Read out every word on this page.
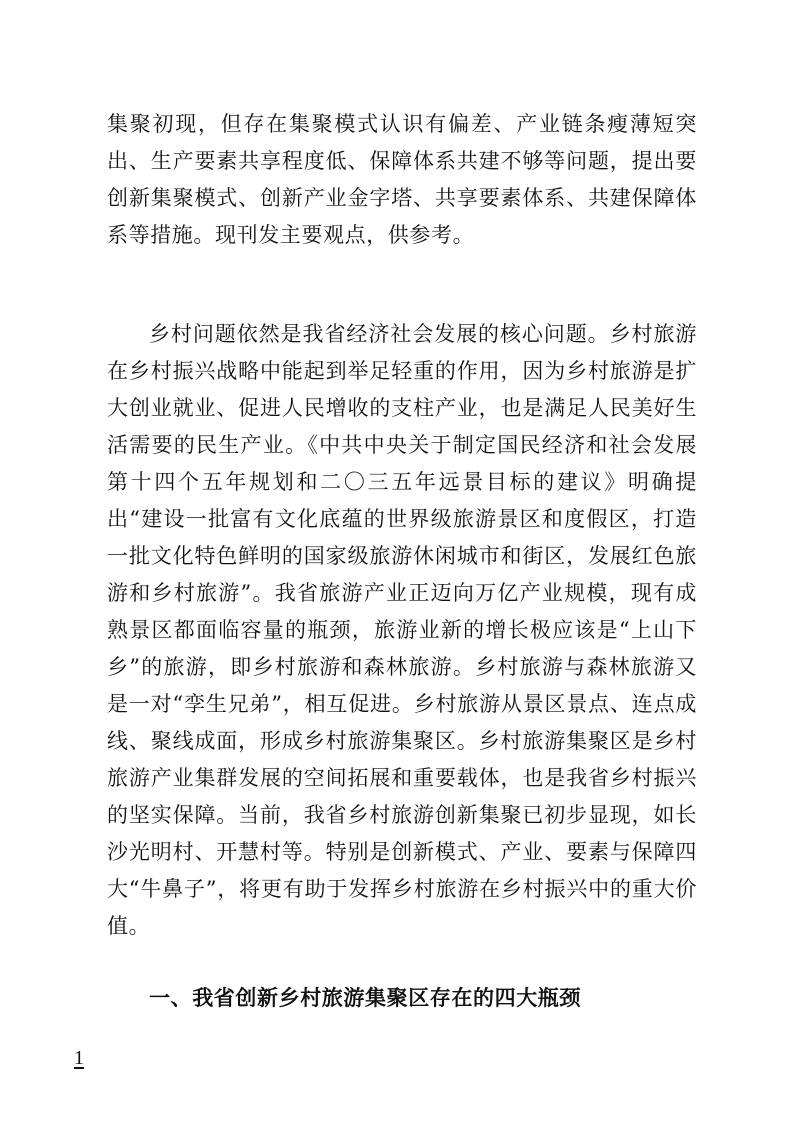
集聚初现，但存在集聚模式认识有偏差、产业链条瘦薄短突出、生产要素共享程度低、保障体系共建不够等问题，提出要创新集聚模式、创新产业金字塔、共享要素体系、共建保障体系等措施。现刊发主要观点，供参考。

乡村问题依然是我省经济社会发展的核心问题。乡村旅游在乡村振兴战略中能起到举足轻重的作用，因为乡村旅游是扩大创业就业、促进人民增收的支柱产业，也是满足人民美好生活需要的民生产业。《中共中央关于制定国民经济和社会发展第十四个五年规划和二〇三五年远景目标的建议》明确提出“建设一批富有文化底蕴的世界级旅游景区和度假区，打造一批文化特色鲜明的国家级旅游休闲城市和街区，发展红色旅游和乡村旅游”。我省旅游产业正迈向万亿产业规模，现有成熟景区都面临容量的瓶颈，旅游业新的增长极应该是“上山下乡”的旅游，即乡村旅游和森林旅游。乡村旅游与森林旅游又是一对“孪生兄弟”，相互促进。乡村旅游从景区景点、连点成线、聚线成面，形成乡村旅游集聚区。乡村旅游集聚区是乡村旅游产业集群发展的空间拓展和重要载体，也是我省乡村振兴的坚实保障。当前，我省乡村旅游创新集聚已初步显现，如长沙光明村、开慧村等。特别是创新模式、产业、要素与保障四大“牛鼻子”，将更有助于发挥乡村旅游在乡村振兴中的重大价值。

一、我省创新乡村旅游集聚区存在的四大瓶颈

1
